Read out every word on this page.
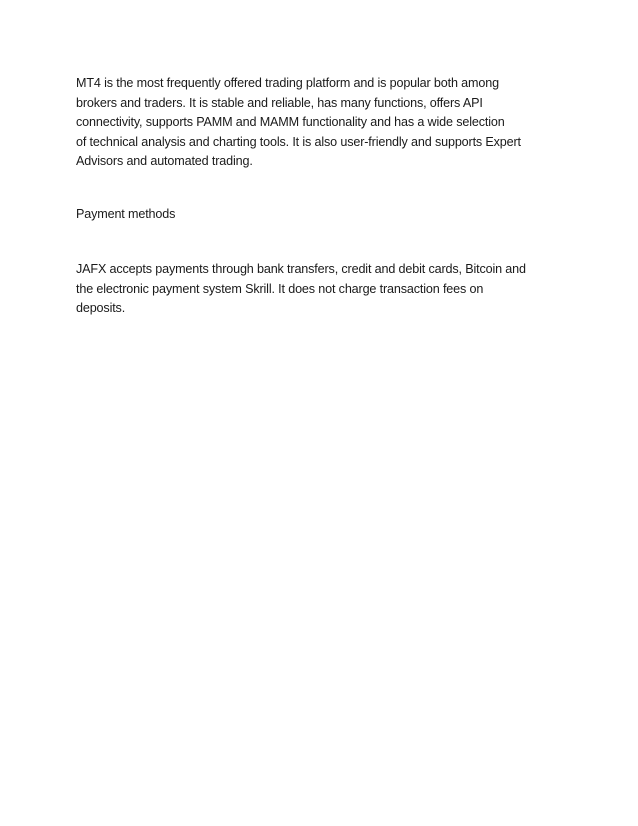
MT4 is the most frequently offered trading platform and is popular both among
brokers and traders. It is stable and reliable, has many functions, offers API
connectivity, supports PAMM and MAMM functionality and has a wide selection
of technical analysis and charting tools. It is also user-friendly and supports Expert
Advisors and automated trading.
Payment methods
JAFX accepts payments through bank transfers, credit and debit cards, Bitcoin and
the electronic payment system Skrill. It does not charge transaction fees on
deposits.
